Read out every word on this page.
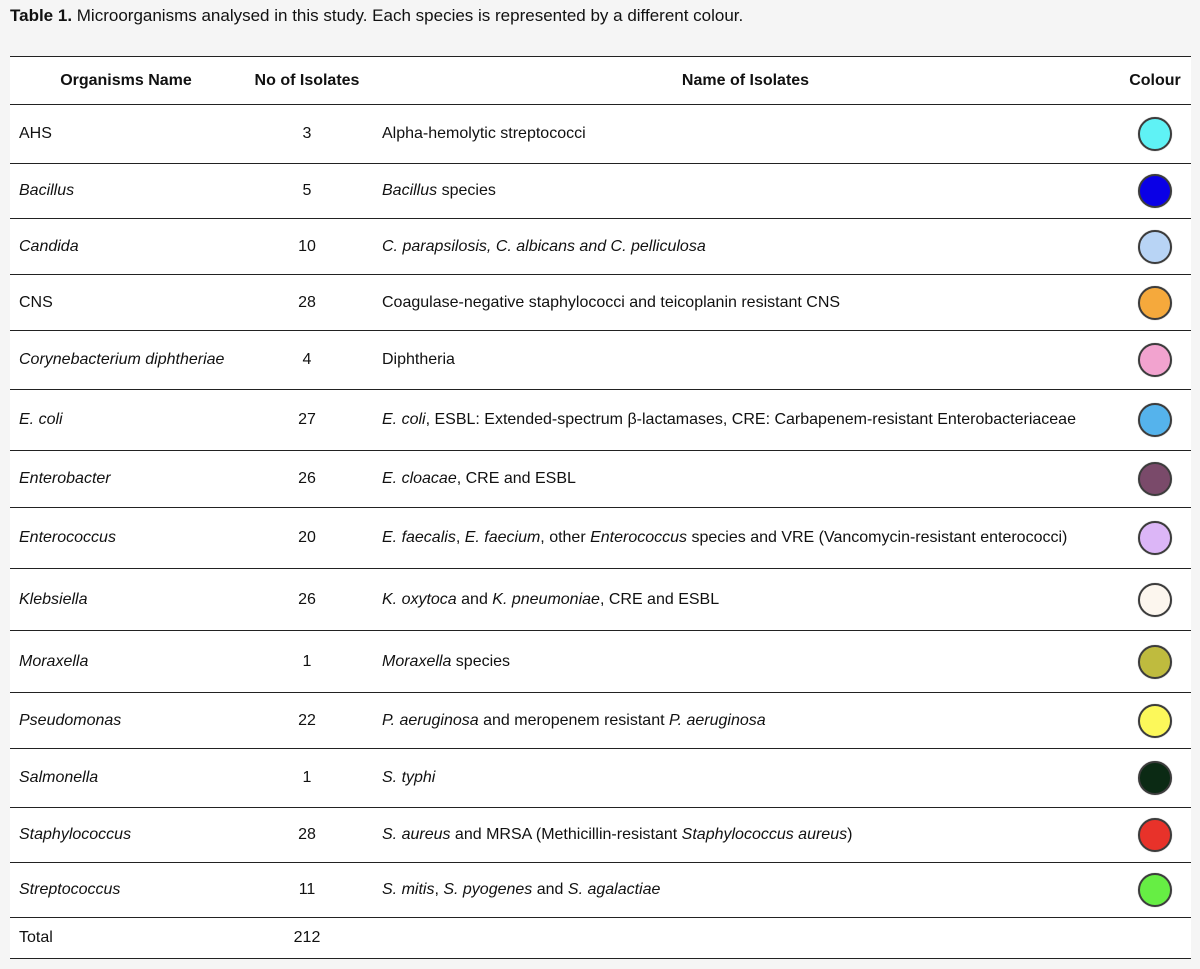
Table 1. Microorganisms analysed in this study. Each species is represented by a different colour.
Organisms Name	No of Isolates	Name of Isolates	Colour
AHS	3	Alpha-hemolytic streptococci	
Bacillus	5	Bacillus species	
Candida	10	C. parapsilosis, C. albicans and C. pelliculosa	
CNS	28	Coagulase-negative staphylococci and teicoplanin resistant CNS	
Corynebacterium diphtheriae	4	Diphtheria	
E. coli	27	E. coli, ESBL: Extended-spectrum β-lactamases, CRE: Carbapenem-resistant Enterobacteriaceae	
Enterobacter	26	E. cloacae, CRE and ESBL	
Enterococcus	20	E. faecalis, E. faecium, other Enterococcus species and VRE (Vancomycin-resistant enterococci)	
Klebsiella	26	K. oxytoca and K. pneumoniae, CRE and ESBL	
Moraxella	1	Moraxella species	
Pseudomonas	22	P. aeruginosa and meropenem resistant P. aeruginosa	
Salmonella	1	S. typhi	
Staphylococcus	28	S. aureus and MRSA (Methicillin-resistant Staphylococcus aureus)	
Streptococcus	11	S. mitis, S. pyogenes and S. agalactiae	
Total	212		
